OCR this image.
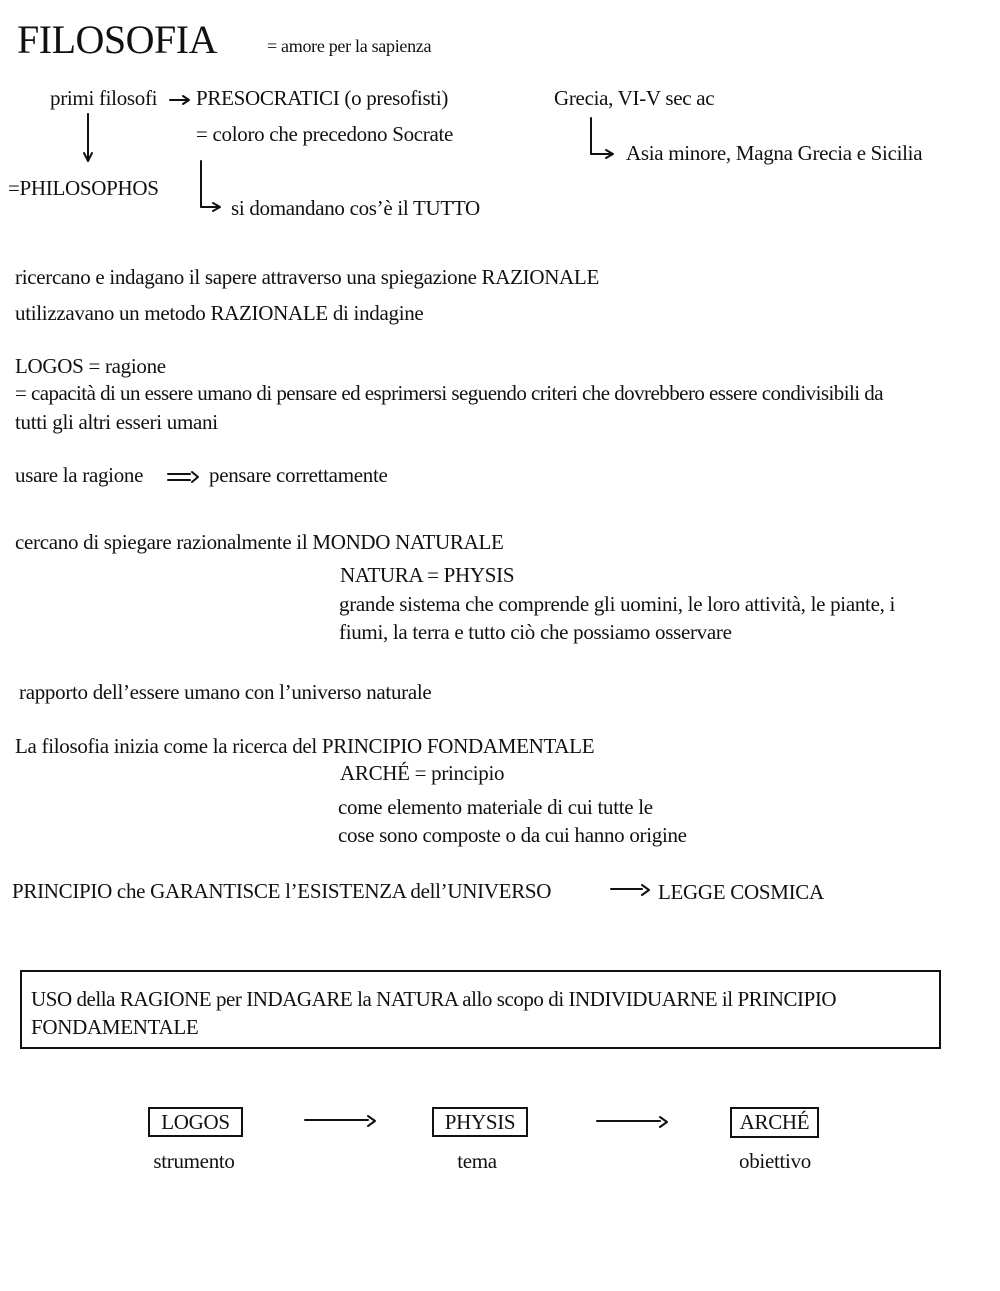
FILOSOFIA	= amore per la sapienza
primi filosofi PRESOCRATICI (o presofisti)
= coloro che precedono Socrate
=PHILOSOPHOS
si domandano cos’è il TUTTO
Grecia, VI-V sec ac
Asia minore, Magna Grecia e Sicilia
ricercano e indagano il sapere attraverso una spiegazione RAZIONALE
utilizzavano un metodo RAZIONALE di indagine
LOGOS = ragione
= capacità di un essere umano di pensare ed esprimersi seguendo criteri che dovrebbero essere condivisibili da
tutti gli altri esseri umani
usare la ragione	pensare correttamente
cercano di spiegare razionalmente il MONDO NATURALE
NATURA = PHYSIS
grande sistema che comprende gli uomini, le loro attività, le piante, i
fiumi, la terra e tutto ciò che possiamo osservare
rapporto dell’essere umano con l’universo naturale
La filosofia inizia come la ricerca del PRINCIPIO FONDAMENTALE
ARCHÉ = principio
come elemento materiale di cui tutte le
cose sono composte o da cui hanno origine
PRINCIPIO che GARANTISCE l’ESISTENZA dell’UNIVERSO	LEGGE COSMICA
USO della RAGIONE per INDAGARE la NATURA allo scopo di INDIVIDUARNE il PRINCIPIO
FONDAMENTALE
LOGOS
strumento
PHYSIS
tema
ARCHÉ
obiettivo
